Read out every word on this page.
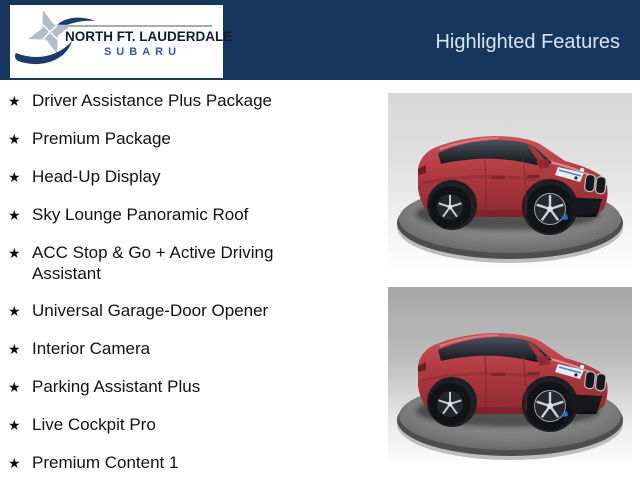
NORTH FT. LAUDERDALE
SUBARU	Highlighted Features
★ Driver Assistance Plus Package
★ Premium Package
★ Head-Up Display
★ Sky Lounge Panoramic Roof
★ ACC Stop & Go + Active Driving Assistant
★ Universal Garage-Door Opener
★ Interior Camera
★ Parking Assistant Plus
★ Live Cockpit Pro
★ Premium Content 1
